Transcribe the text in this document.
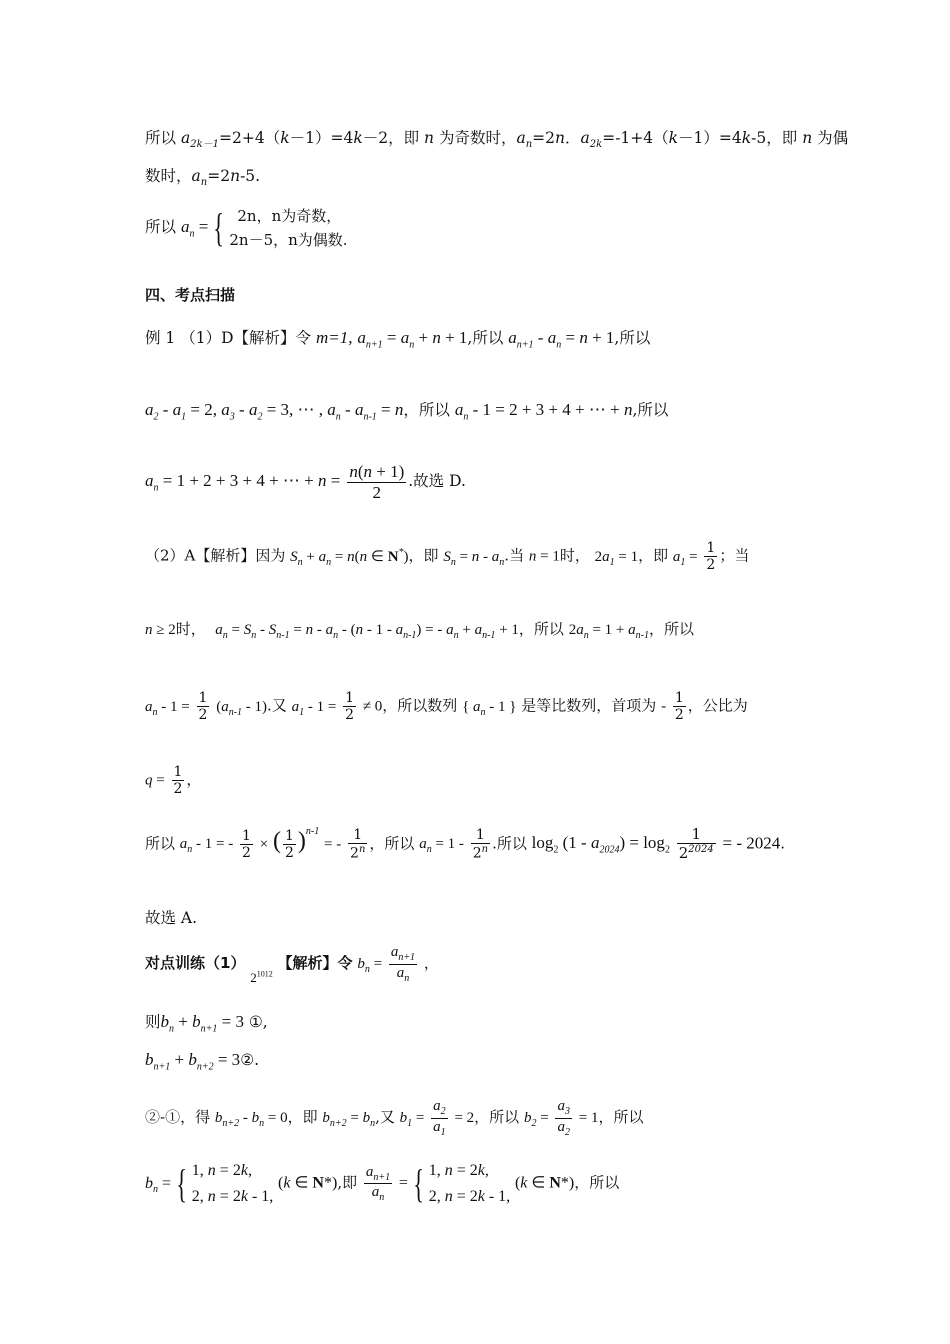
所以 $a_{2k-1}=2+4(k-1)=4k-2$，即 n 为奇数时，$a_n=2n$．$a_{2k}=-1+4(k-1)=4k-5$，即 n 为偶
数时，$a_n=2n-5$.
所以 $a_n$ = { 2n，n为奇数，
2n－5，n为偶数.
四、考点扫描
例 1 （1）D【解析】令 m=1, $a_{n+1} = a_n + n + 1$,所以 $a_{n+1} - a_n = n + 1$,所以
$a_2 - a_1 = 2$, $a_3 - a_2 = 3$, ⋯ , $a_n - a_{n-1} = n$，所以 $a_n - 1 = 2 + 3 + 4$ + ⋯ + n,所以
$a_n = 1 + 2 + 3 + 4$ + ⋯ + $n = \frac{n(n + 1)}{2}$ .故选 D.
（2）A【解析】因为 $S_n + a_n = n(n$ ∈ N*)，即 $S_n = n - a_n$.当 n = 1时， $2a_1 = 1$，即 $a_1 = \frac{1}{2}$ ；当
n ≥ 2时， $a_n = S_n - S_{n-1} = n - a_n - (n - 1 - a_{n-1})$ = - $a_n + a_{n-1} + 1$，所以 $2a_n = 1 + a_{n-1}$，所以
$a_n - 1 = \frac{1}{2} (a_{n-1} - 1)$.又 $a_1 - 1 = \frac{1}{2} \ne 0$，所以数列 { $a_n - 1$ } 是等比数列，首项为 - $\frac{1}{2}$ ，公比为
$q = \frac{1}{2}$ ，
所以 $a_n - 1$ = - $\frac{1}{2}$ × ( $\frac{1}{2} )^{n-1}$ = - $\frac{1}{2^n}$ ，所以 $a_n = 1 - \frac{1}{2^n}$ .所以 $\log_2 (1 - a_{2024}) = \log_2 \frac{1}{2^{2024}}$ = - 2024.
故选 A.
对点训练（1） $2^{1012}$ 【解析】令 $b_n = \frac{a_{n+1}}{a_n}$ ，
则$b_n + b_{n+1} = 3$ ①,
$b_{n+1} + b_{n+2}$ = 3②.
②-①，得 $b_{n+2} - b_n = 0$，即 $b_{n+2} = b_n$,又 $b_1 = \frac{a_2}{a_1} = 2$，所以 $b_2 = \frac{a_3}{a_2} = 1$，所以
$b_n$ = { 1, n = 2k,
2, n = 2k - 1,
(k ∈ N*),即 $\frac{a_{n+1}}{a_n}$ = { 1, n = 2k,
2, n = 2k - 1,
(k ∈ N*)，所以
